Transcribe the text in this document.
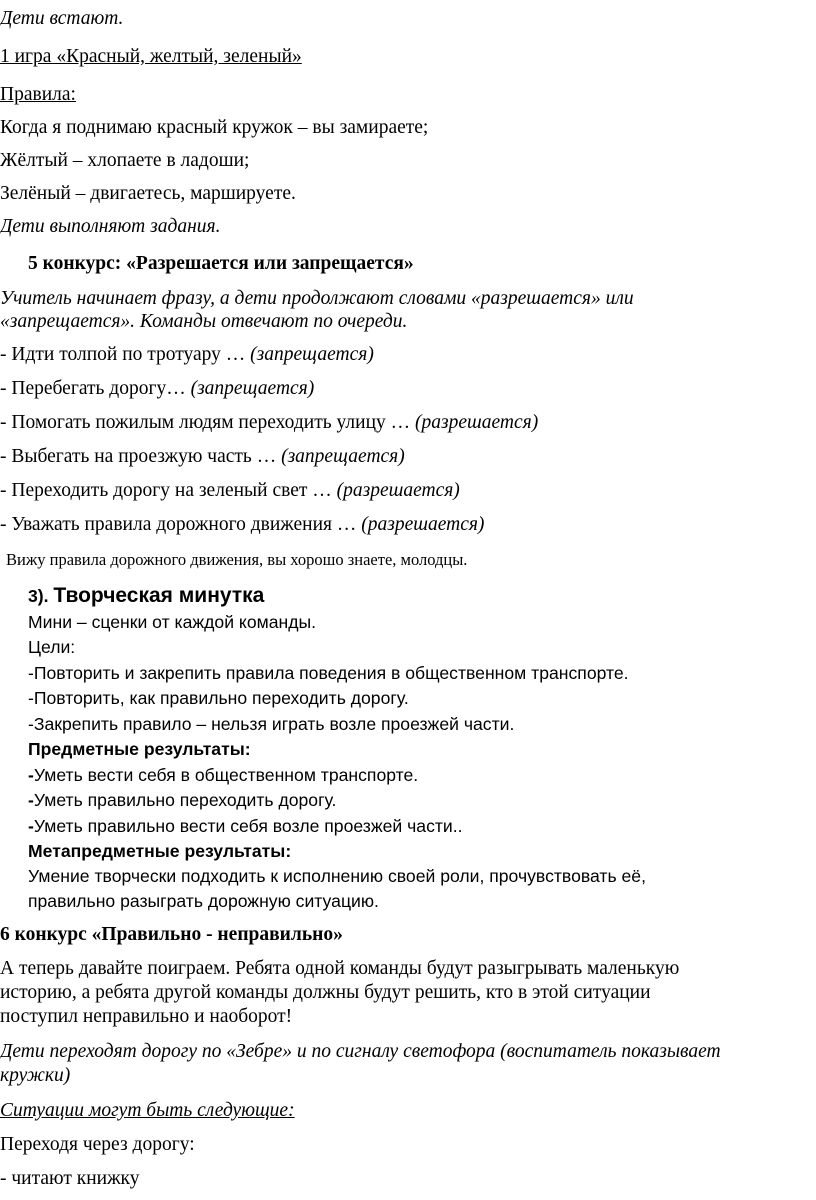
Дети встают.
1 игра «Красный, желтый, зеленый»
Правила:
Когда я поднимаю красный кружок – вы замираете;
Жёлтый – хлопаете в ладоши;
Зелёный – двигаетесь, маршируете.
Дети выполняют задания.
5 конкурс: «Разрешается или запрещается»
Учитель начинает фразу, а дети продолжают словами «разрешается» или
«запрещается». Команды отвечают по очереди.
- Идти толпой по тротуару … (запрещается)
- Перебегать дорогу… (запрещается)
- Помогать пожилым людям переходить улицу … (разрешается)
- Выбегать на проезжую часть … (запрещается)
- Переходить дорогу на зеленый свет … (разрешается)
- Уважать правила дорожного движения … (разрешается)
Вижу правила дорожного движения, вы хорошо знаете, молодцы.
3). Творческая минутка
Мини – сценки от каждой команды.
Цели:
-Повторить и закрепить правила поведения в общественном транспорте.
-Повторить, как правильно переходить дорогу.
-Закрепить правило – нельзя играть возле проезжей части.
Предметные результаты:
-Уметь вести себя в общественном транспорте.
-Уметь правильно переходить дорогу.
-Уметь правильно вести себя возле проезжей части..
Метапредметные результаты:
Умение творчески подходить к исполнению своей роли, прочувствовать её,
правильно разыграть дорожную ситуацию.
6 конкурс «Правильно - неправильно»
А теперь давайте поиграем. Ребята одной команды будут разыгрывать маленькую
историю, а ребята другой команды должны будут решить, кто в этой ситуации
поступил неправильно и наоборот!
Дети переходят дорогу по «Зебре» и по сигналу светофора (воспитатель показывает
кружки)
Ситуации могут быть следующие:
Переходя через дорогу:
- читают книжку
